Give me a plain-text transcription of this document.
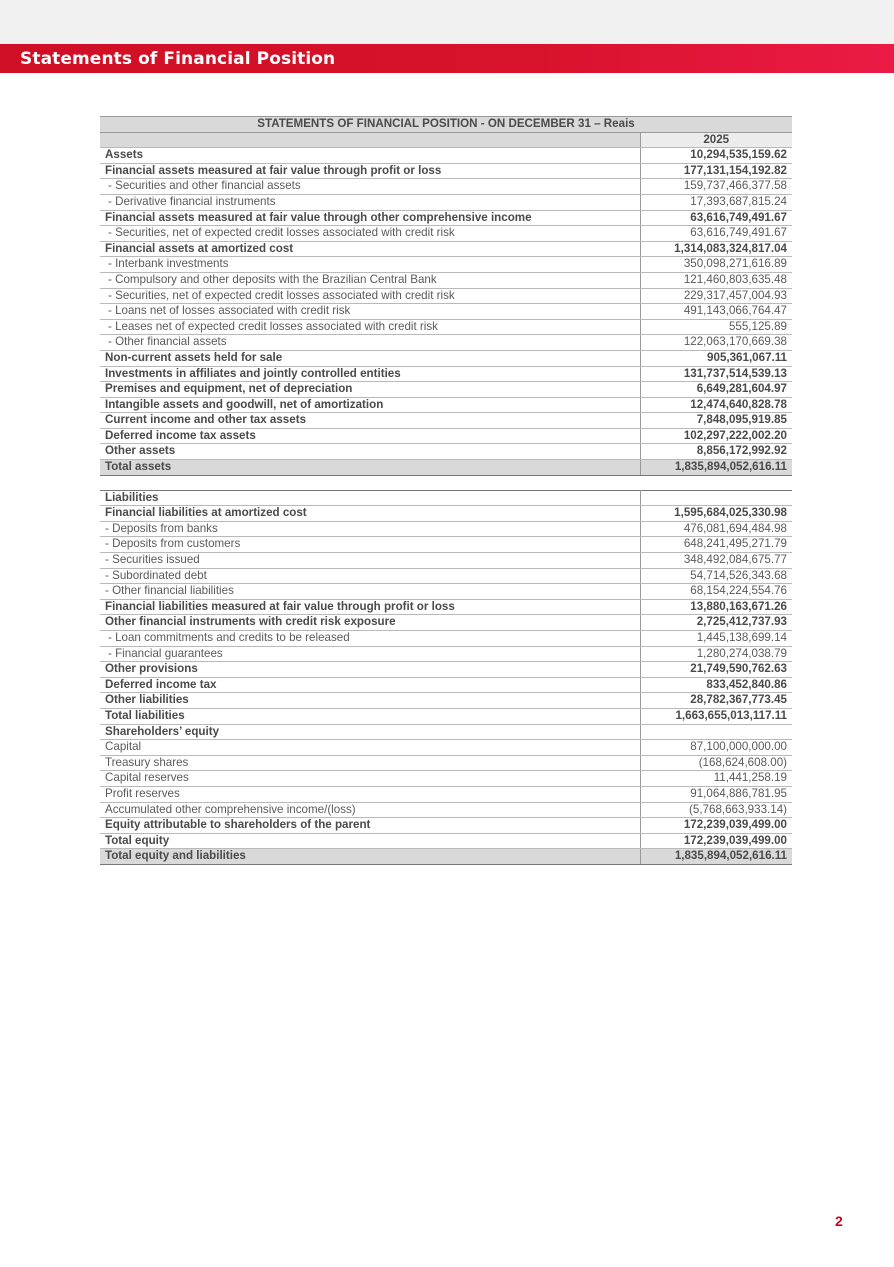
Statements of Financial Position
STATEMENTS OF FINANCIAL POSITION - ON DECEMBER 31 – Reais	
	2025
Assets	10,294,535,159.62
Financial assets measured at fair value through profit or loss	177,131,154,192.82
- Securities and other financial assets	159,737,466,377.58
- Derivative financial instruments	17,393,687,815.24
Financial assets measured at fair value through other comprehensive income	63,616,749,491.67
- Securities, net of expected credit losses associated with credit risk	63,616,749,491.67
Financial assets at amortized cost	1,314,083,324,817.04
- Interbank investments	350,098,271,616.89
- Compulsory and other deposits with the Brazilian Central Bank	121,460,803,635.48
- Securities, net of expected credit losses associated with credit risk	229,317,457,004.93
- Loans net of losses associated with credit risk	491,143,066,764.47
- Leases net of expected credit losses associated with credit risk	555,125.89
- Other financial assets	122,063,170,669.38
Non-current assets held for sale	905,361,067.11
Investments in affiliates and jointly controlled entities	131,737,514,539.13
Premises and equipment, net of depreciation	6,649,281,604.97
Intangible assets and goodwill, net of amortization	12,474,640,828.78
Current income and other tax assets	7,848,095,919.85
Deferred income tax assets	102,297,222,002.20
Other assets	8,856,172,992.92
Total assets	1,835,894,052,616.11

Liabilities	
Financial liabilities at amortized cost	1,595,684,025,330.98
- Deposits from banks	476,081,694,484.98
- Deposits from customers	648,241,495,271.79
- Securities issued	348,492,084,675.77
- Subordinated debt	54,714,526,343.68
- Other financial liabilities	68,154,224,554.76
Financial liabilities measured at fair value through profit or loss	13,880,163,671.26
Other financial instruments with credit risk exposure	2,725,412,737.93
- Loan commitments and credits to be released	1,445,138,699.14
- Financial guarantees	1,280,274,038.79
Other provisions	21,749,590,762.63
Deferred income tax	833,452,840.86
Other liabilities	28,782,367,773.45
Total liabilities	1,663,655,013,117.11
Shareholders’ equity	
Capital	87,100,000,000.00
Treasury shares	(168,624,608.00)
Capital reserves	11,441,258.19
Profit reserves	91,064,886,781.95
Accumulated other comprehensive income/(loss)	(5,768,663,933.14)
Equity attributable to shareholders of the parent	172,239,039,499.00
Total equity	172,239,039,499.00
Total equity and liabilities	1,835,894,052,616.11
2
